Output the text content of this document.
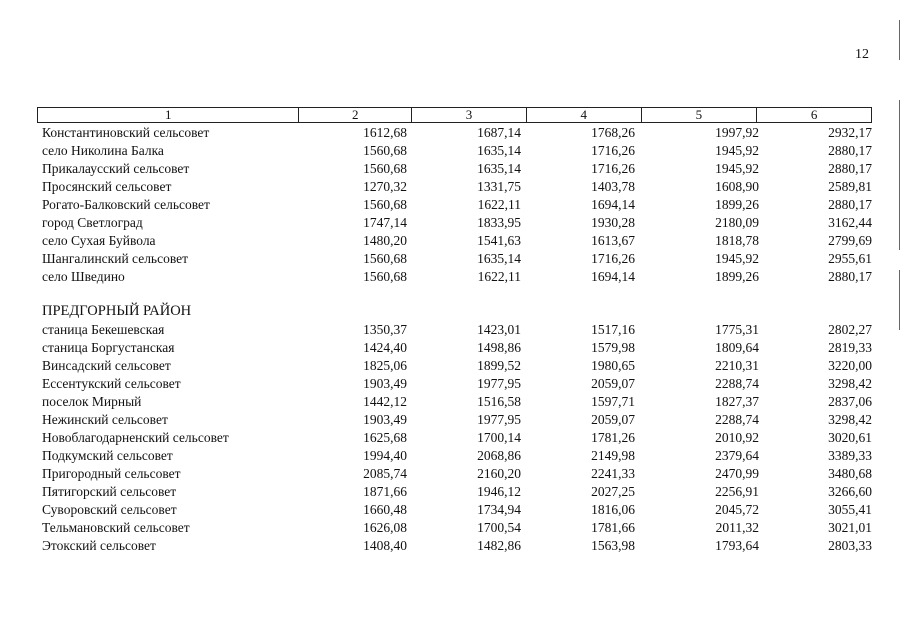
12
1	2	3	4	5	6
Константиновский сельсовет	1612,68	1687,14	1768,26	1997,92	2932,17
село Николина Балка	1560,68	1635,14	1716,26	1945,92	2880,17
Прикалаусский сельсовет	1560,68	1635,14	1716,26	1945,92	2880,17
Просянский сельсовет	1270,32	1331,75	1403,78	1608,90	2589,81
Рогато-Балковский сельсовет	1560,68	1622,11	1694,14	1899,26	2880,17
город Светлоград	1747,14	1833,95	1930,28	2180,09	3162,44
село Сухая Буйвола	1480,20	1541,63	1613,67	1818,78	2799,69
Шангалинский сельсовет	1560,68	1635,14	1716,26	1945,92	2955,61
село Шведино	1560,68	1622,11	1694,14	1899,26	2880,17
ПРЕДГОРНЫЙ РАЙОН
станица Бекешевская	1350,37	1423,01	1517,16	1775,31	2802,27
станица Боргустанская	1424,40	1498,86	1579,98	1809,64	2819,33
Винсадский сельсовет	1825,06	1899,52	1980,65	2210,31	3220,00
Ессентукский сельсовет	1903,49	1977,95	2059,07	2288,74	3298,42
поселок Мирный	1442,12	1516,58	1597,71	1827,37	2837,06
Нежинский сельсовет	1903,49	1977,95	2059,07	2288,74	3298,42
Новоблагодарненский сельсовет	1625,68	1700,14	1781,26	2010,92	3020,61
Подкумский сельсовет	1994,40	2068,86	2149,98	2379,64	3389,33
Пригородный сельсовет	2085,74	2160,20	2241,33	2470,99	3480,68
Пятигорский сельсовет	1871,66	1946,12	2027,25	2256,91	3266,60
Суворовский сельсовет	1660,48	1734,94	1816,06	2045,72	3055,41
Тельмановский сельсовет	1626,08	1700,54	1781,66	2011,32	3021,01
Этокский сельсовет	1408,40	1482,86	1563,98	1793,64	2803,33
